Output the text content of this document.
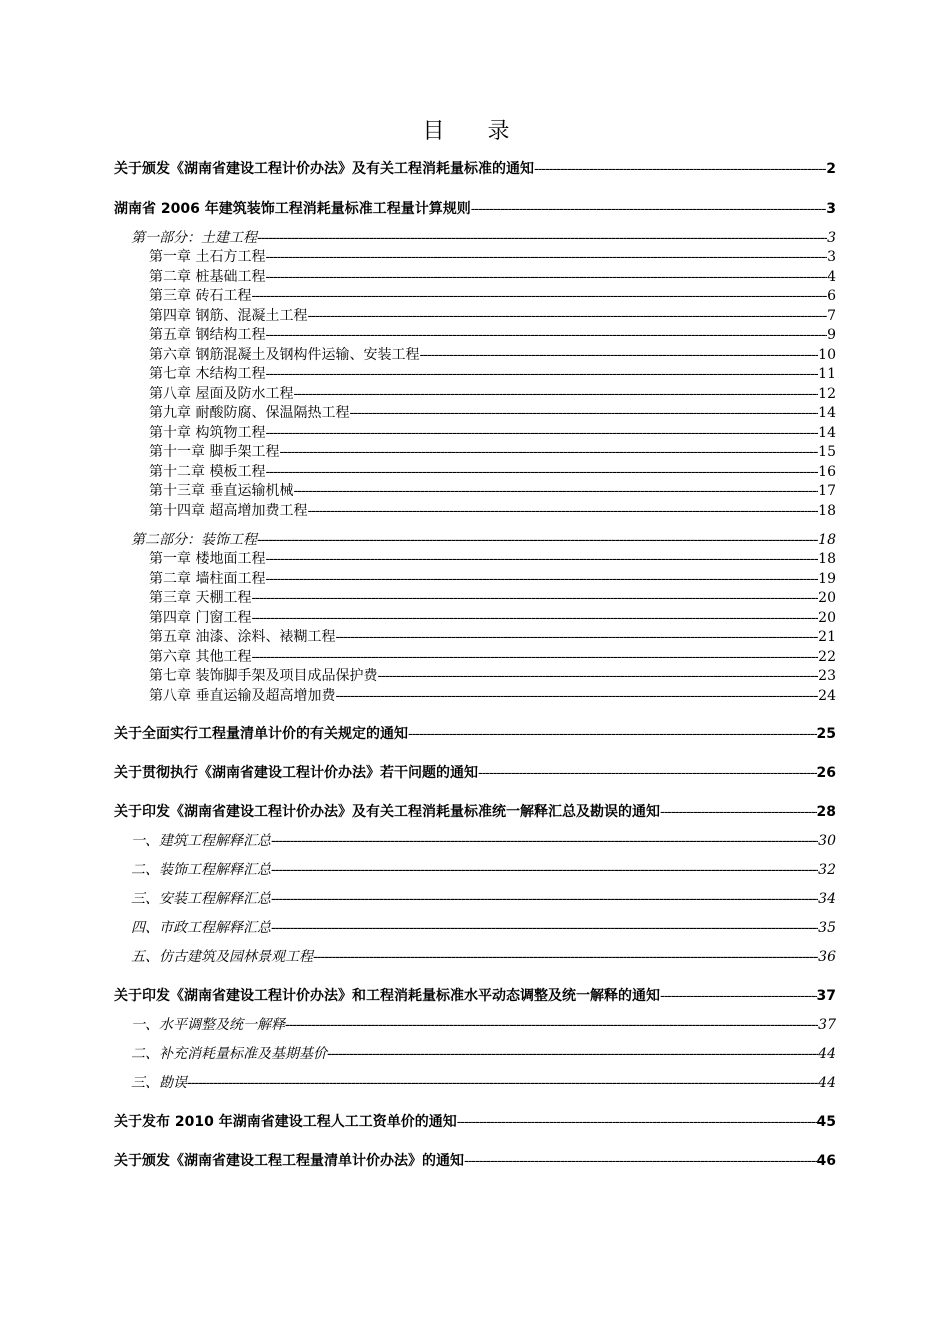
目 录
关于颁发《湖南省建设工程计价办法》及有关工程消耗量标准的通知 -----	2
湖南省 2006 年建筑装饰工程消耗量标准工程量计算规则 -----	3
第一部分：土建工程 -----	3
第一章 土石方工程 -----	3
第二章 桩基础工程 -----	4
第三章 砖石工程 -----	6
第四章 钢筋、混凝土工程 -----	7
第五章 钢结构工程 -----	9
第六章 钢筋混凝土及钢构件运输、安装工程 -----	10
第七章 木结构工程 -----	11
第八章 屋面及防水工程 -----	12
第九章 耐酸防腐、保温隔热工程 -----	14
第十章 构筑物工程 -----	14
第十一章 脚手架工程 -----	15
第十二章 模板工程 -----	16
第十三章 垂直运输机械 -----	17
第十四章 超高增加费工程 -----	18
第二部分：装饰工程 -----	18
第一章 楼地面工程 -----	18
第二章 墙柱面工程 -----	19
第三章 天棚工程 -----	20
第四章 门窗工程 -----	20
第五章 油漆、涂料、裱糊工程 -----	21
第六章 其他工程 -----	22
第七章 装饰脚手架及项目成品保护费 -----	23
第八章 垂直运输及超高增加费 -----	24
关于全面实行工程量清单计价的有关规定的通知 -----	25
关于贯彻执行《湖南省建设工程计价办法》若干问题的通知 -----	26
关于印发《湖南省建设工程计价办法》及有关工程消耗量标准统一解释汇总及勘误的通知 -----	28
一、建筑工程解释汇总 -----	30
二、装饰工程解释汇总 -----	32
三、安装工程解释汇总 -----	34
四、市政工程解释汇总 -----	35
五、仿古建筑及园林景观工程 -----	36
关于印发《湖南省建设工程计价办法》和工程消耗量标准水平动态调整及统一解释的通知 -----	37
一、水平调整及统一解释 -----	37
二、补充消耗量标准及基期基价 -----	44
三、勘误 -----	44
关于发布 2010 年湖南省建设工程人工工资单价的通知 -----	45
关于颁发《湖南省建设工程工程量清单计价办法》的通知 -----	46
